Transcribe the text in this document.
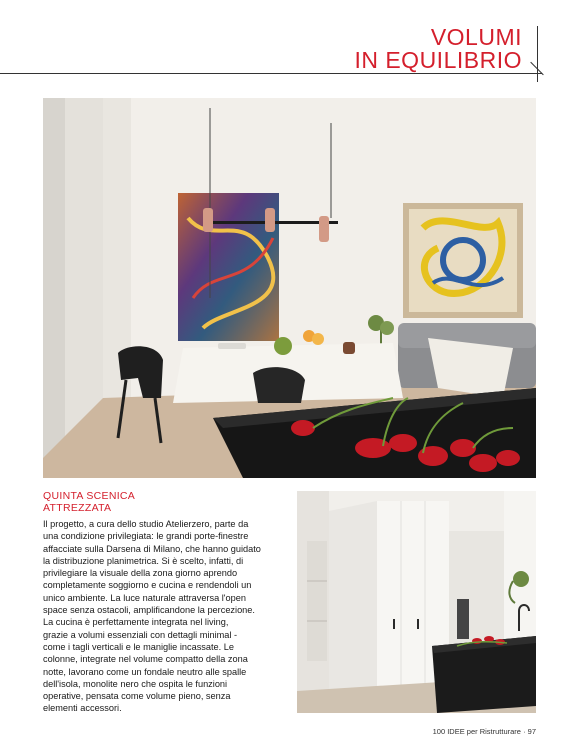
VOLUMI
IN EQUILIBRIO
QUINTA SCENICA
ATTREZZATA
Il progetto, a cura dello studio Atelierzero, parte da
una condizione privilegiata: le grandi porte-finestre
affacciate sulla Darsena di Milano, che hanno guidato
la distribuzione planimetrica. Si è scelto, infatti, di
privilegiare la visuale della zona giorno aprendo
completamente soggiorno e cucina e rendendoli un
unico ambiente. La luce naturale attraversa l'open
space senza ostacoli, amplificandone la percezione.
La cucina è perfettamente integrata nel living,
grazie a volumi essenziali con dettagli minimal -
come i tagli verticali e le maniglie incassate. Le
colonne, integrate nel volume compatto della zona
notte, lavorano come un fondale neutro alle spalle
dell'isola, monolite nero che ospita le funzioni
operative, pensata come volume pieno, senza
elementi accessori.
100 IDEE per Ristrutturare · 97
